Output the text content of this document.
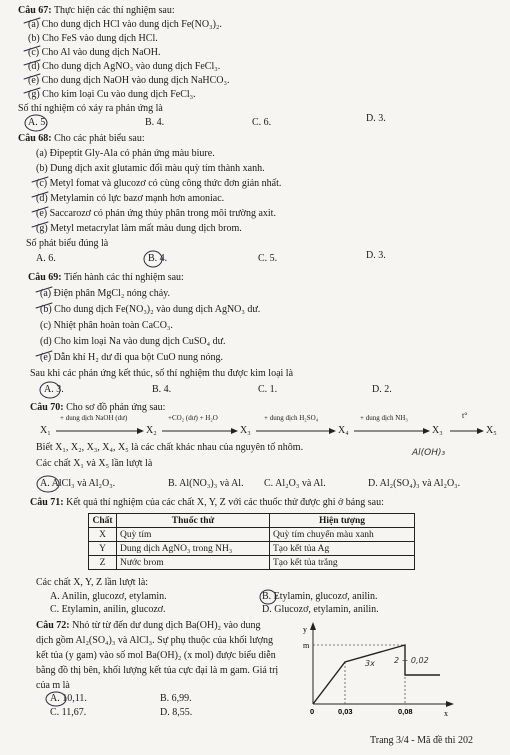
Câu 67: Thực hiện các thí nghiệm sau:
(a) Cho dung dịch HCl vào dung dịch Fe(NO₃)₂.
(b) Cho FeS vào dung dịch HCl.
(c) Cho Al vào dung dịch NaOH.
(d) Cho dung dịch AgNO₃ vào dung dịch FeCl₃.
(e) Cho dung dịch NaOH vào dung dịch NaHCO₃.
(g) Cho kim loại Cu vào dung dịch FeCl₃.
Số thí nghiệm có xảy ra phản ứng là
A. 5.	B. 4.	C. 6.	D. 3.
Câu 68: Cho các phát biểu sau:
(a) Đipeptit Gly-Ala có phản ứng màu biure.
(b) Dung dịch axit glutamic đổi màu quỳ tím thành xanh.
(c) Metyl fomat và glucozơ có cùng công thức đơn giản nhất.
(d) Metylamin có lực bazơ mạnh hơn amoniac.
(e) Saccarozơ có phản ứng thủy phân trong môi trường axit.
(g) Metyl metacrylat làm mất màu dung dịch brom.
Số phát biểu đúng là
A. 6.	B. 4.	C. 5.	D. 3.
Câu 69: Tiến hành các thí nghiệm sau:
(a) Điện phân MgCl₂ nóng chảy.
(b) Cho dung dịch Fe(NO₃)₂ vào dung dịch AgNO₃ dư.
(c) Nhiệt phân hoàn toàn CaCO₃.
(d) Cho kim loại Na vào dung dịch CuSO₄ dư.
(e) Dẫn khí H₂ dư đi qua bột CuO nung nóng.
Sau khi các phản ứng kết thúc, số thí nghiệm thu được kim loại là
A. 3.	B. 4.	C. 1.	D. 2.
Câu 70: Cho sơ đồ phản ứng sau:
X₁
+ dung dịch NaOH (dư)
X₂
+CO₂ (dư) + H₂O
X₃
+ dung dịch H₂SO₄
X₄
+ dung dịch NH₃
X₃
t°
X₅
Biết X₁, X₂, X₃, X₄, X₅ là các chất khác nhau của nguyên tố nhôm.	Al(OH)₃
Các chất X₁ và X₅ lần lượt là
A. AlCl₃ và Al₂O₃.	B. Al(NO₃)₃ và Al. C. Al₂O₃ và Al.	D. Al₂(SO₄)₃ và Al₂O₃.
Câu 71: Kết quả thí nghiệm của các chất X, Y, Z với các thuốc thử được ghi ở bảng sau:
Chất	Thuốc thử	Hiện tượng
X	Quỳ tím	Quỳ tím chuyển màu xanh
Y	Dung dịch AgNO₃ trong NH₃	Tạo kết tủa Ag
Z	Nước brom	Tạo kết tủa trắng
Các chất X, Y, Z lần lượt là:
A. Anilin, glucozơ, etylamin.	B. Etylamin, glucozơ, anilin.
C. Etylamin, anilin, glucozơ.	D. Glucozơ, etylamin, anilin.
Câu 72: Nhỏ từ từ đến dư dung dịch Ba(OH)₂ vào dung
dịch gồm Al₂(SO₄)₃ và AlCl₃. Sự phụ thuộc của khối lượng
kết tủa (y gam) vào số mol Ba(OH)₂ (x mol) được biểu diễn
bằng đồ thị bên, khối lượng kết tủa cực đại là m gam. Giá trị
của m là
A. 10,11.	B. 6,99.
C. 11,67.	D. 8,55.
y
m
0	0,03	0,08	x
3x 2 + 0,02
Trang 3/4 - Mã đề thi 202
